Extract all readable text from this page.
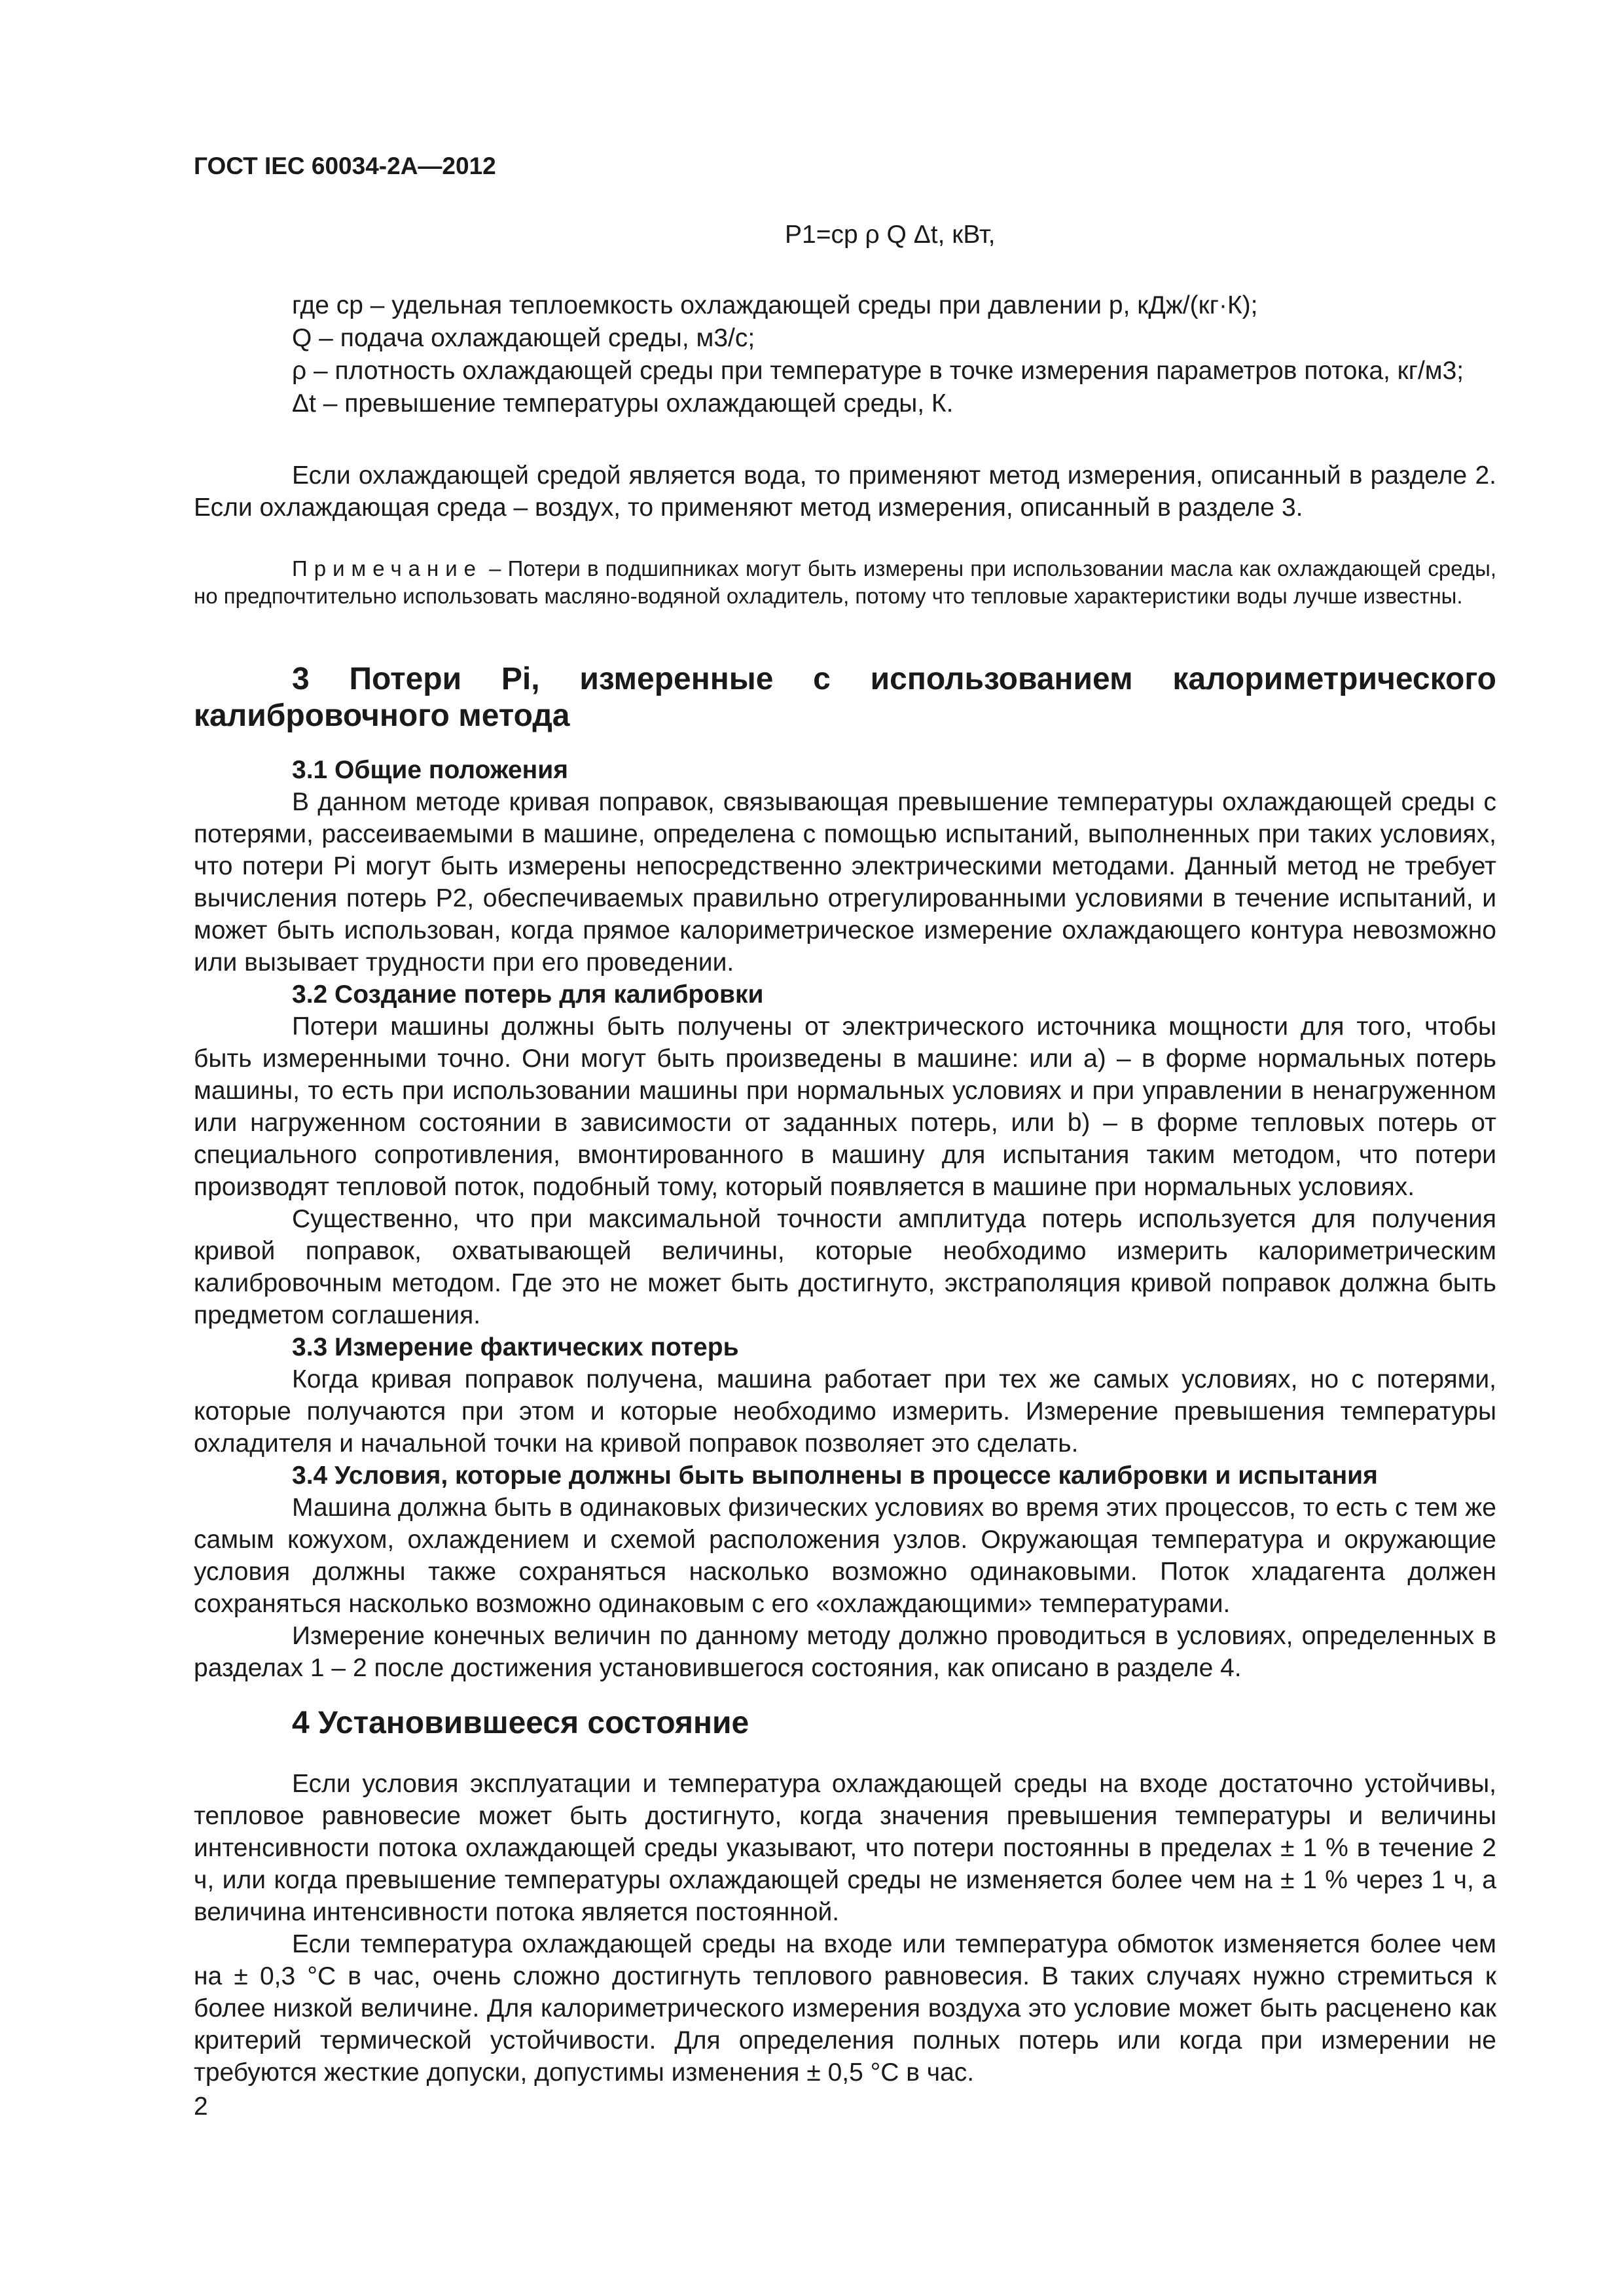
ГОСТ IEC 60034-2A—2012
P1=cp ρ Q Δt, кВт,
где cp – удельная теплоемкость охлаждающей среды при давлении p, кДж/(кг·К);
Q – подача охлаждающей среды, м3/с;
ρ – плотность охлаждающей среды при температуре в точке измерения параметров потока, кг/м3;
Δt – превышение температуры охлаждающей среды, К.

Если охлаждающей средой является вода, то применяют метод измерения, описанный в разделе 2. Если охлаждающая среда – воздух, то применяют метод измерения, описанный в разделе 3.

Примечание – Потери в подшипниках могут быть измерены при использовании масла как охлаждающей среды, но предпочтительно использовать масляно-водяной охладитель, потому что тепловые характеристики воды лучше известны.
3 Потери Pi, измеренные с использованием калориметрического калибровочного метода
3.1 Общие положения

В данном методе кривая поправок, связывающая превышение температуры охлаждающей среды с потерями, рассеиваемыми в машине, определена с помощью испытаний, выполненных при таких условиях, что потери Pi могут быть измерены непосредственно электрическими методами. Данный метод не требует вычисления потерь P2, обеспечиваемых правильно отрегулированными условиями в течение испытаний, и может быть использован, когда прямое калориметрическое измерение охлаждающего контура невозможно или вызывает трудности при его проведении.

3.2 Создание потерь для калибровки

Потери машины должны быть получены от электрического источника мощности для того, чтобы быть измеренными точно. Они могут быть произведены в машине: или a) – в форме нормальных потерь машины, то есть при использовании машины при нормальных условиях и при управлении в ненагруженном или нагруженном состоянии в зависимости от заданных потерь, или b) – в форме тепловых потерь от специального сопротивления, вмонтированного в машину для испытания таким методом, что потери производят тепловой поток, подобный тому, который появляется в машине при нормальных условиях.

Существенно, что при максимальной точности амплитуда потерь используется для получения кривой поправок, охватывающей величины, которые необходимо измерить калориметрическим калибровочным методом. Где это не может быть достигнуто, экстраполяция кривой поправок должна быть предметом соглашения.

3.3 Измерение фактических потерь

Когда кривая поправок получена, машина работает при тех же самых условиях, но с потерями, которые получаются при этом и которые необходимо измерить. Измерение превышения температуры охладителя и начальной точки на кривой поправок позволяет это сделать.

3.4 Условия, которые должны быть выполнены в процессе калибровки и испытания

Машина должна быть в одинаковых физических условиях во время этих процессов, то есть с тем же самым кожухом, охлаждением и схемой расположения узлов. Окружающая температура и окружающие условия должны также сохраняться насколько возможно одинаковыми. Поток хладагента должен сохраняться насколько возможно одинаковым с его «охлаждающими» температурами.

Измерение конечных величин по данному методу должно проводиться в условиях, определенных в разделах 1 – 2 после достижения установившегося состояния, как описано в разделе 4.

4 Установившееся состояние

Если условия эксплуатации и температура охлаждающей среды на входе достаточно устойчивы, тепловое равновесие может быть достигнуто, когда значения превышения температуры и величины интенсивности потока охлаждающей среды указывают, что потери постоянны в пределах ± 1 % в течение 2 ч, или когда превышение температуры охлаждающей среды не изменяется более чем на ± 1 % через 1 ч, а величина интенсивности потока является постоянной.

Если температура охлаждающей среды на входе или температура обмоток изменяется более чем на ± 0,3 °С в час, очень сложно достигнуть теплового равновесия. В таких случаях нужно стремиться к более низкой величине. Для калориметрического измерения воздуха это условие может быть расценено как критерий термической устойчивости. Для определения полных потерь или когда при измерении не требуются жесткие допуски, допустимы изменения ± 0,5 °С в час.

2
